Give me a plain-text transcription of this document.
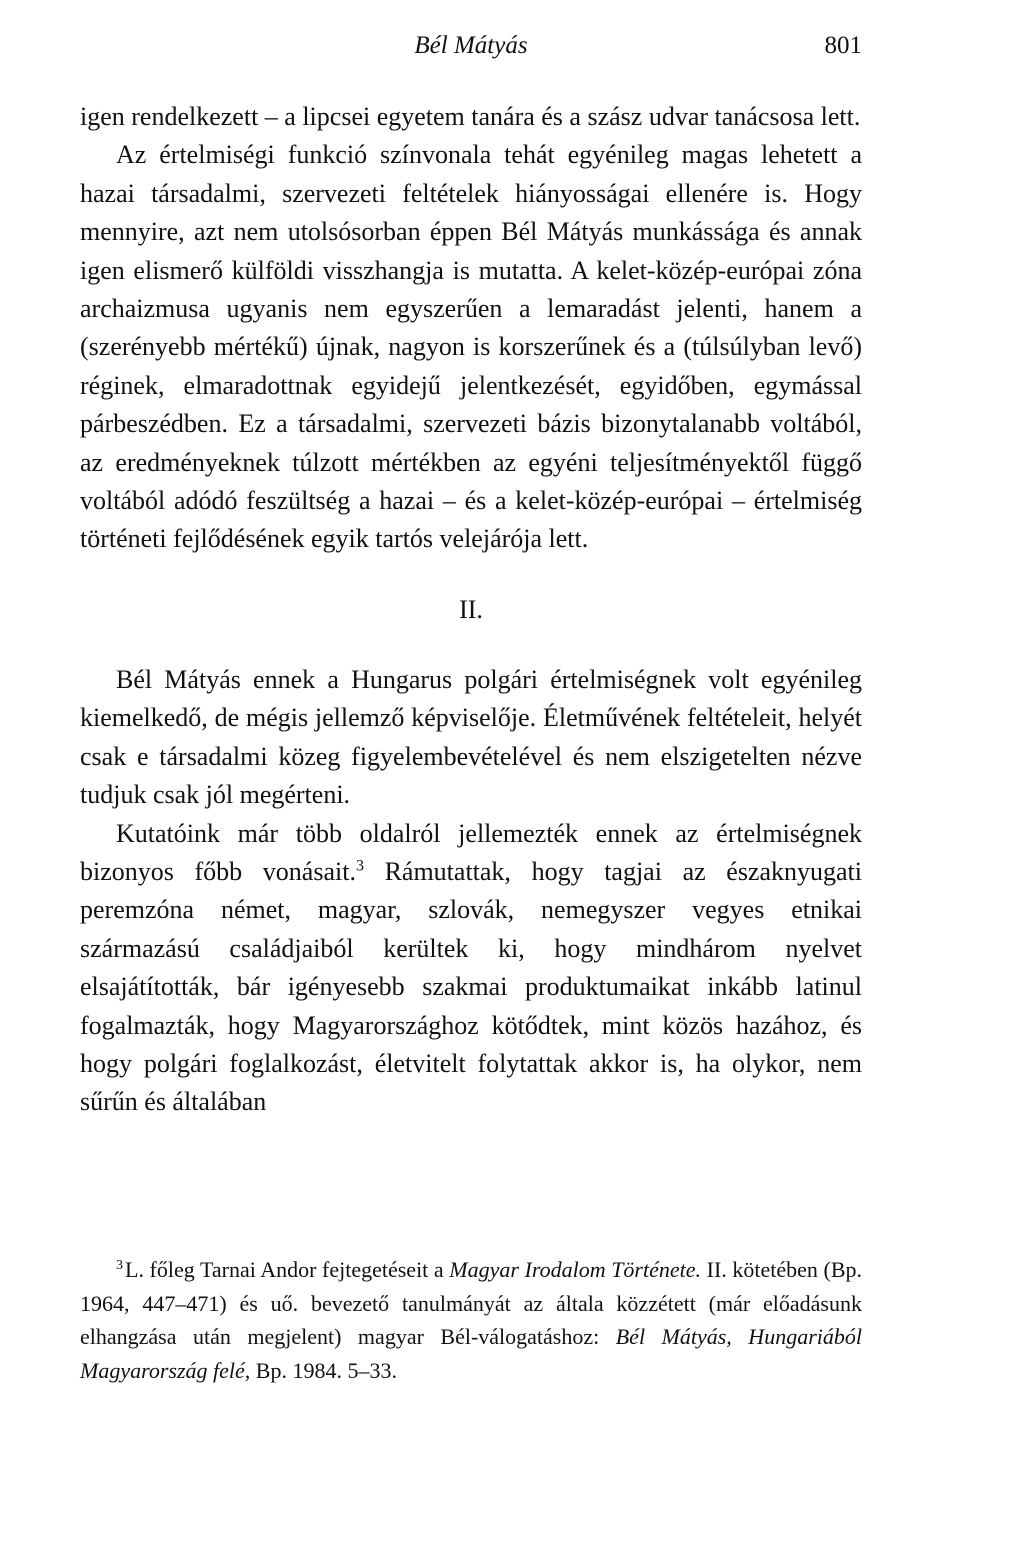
Bél Mátyás	801

igen rendelkezett – a lipcsei egyetem tanára és a szász udvar tanácsosa lett.

Az értelmiségi funkció színvonala tehát egyénileg magas lehetett a hazai társadalmi, szervezeti feltételek hiányosságai ellenére is. Hogy mennyire, azt nem utolsósorban éppen Bél Mátyás munkássága és annak igen elismerő külföldi visszhangja is mutatta. A kelet-közép-európai zóna archaizmusa ugyanis nem egyszerűen a lemaradást jelenti, hanem a (szerényebb mértékű) újnak, nagyon is korszerűnek és a (túlsúlyban levő) réginek, elmaradottnak egyidejű jelentkezését, egyidőben, egymással párbeszédben. Ez a társadalmi, szervezeti bázis bizonytalanabb voltából, az eredményeknek túlzott mértékben az egyéni teljesítményektől függő voltából adódó feszültség a hazai – és a kelet-közép-európai – értelmiség történeti fejlődésének egyik tartós velejárója lett.

II.

Bél Mátyás ennek a Hungarus polgári értelmiségnek volt egyénileg kiemelkedő, de mégis jellemző képviselője. Életművének feltételeit, helyét csak e társadalmi közeg figyelembevételével és nem elszigetelten nézve tudjuk csak jól megérteni.

Kutatóink már több oldalról jellemezték ennek az értelmiségnek bizonyos főbb vonásait.$^3$ Rámutattak, hogy tagjai az északnyugati peremzóna német, magyar, szlovák, nemegyszer vegyes etnikai származású családjaiból kerültek ki, hogy mindhárom nyelvet elsajátították, bár igényesebb szakmai produktumaikat inkább latinul fogalmazták, hogy Magyarországhoz kötődtek, mint közös hazához, és hogy polgári foglalkozást, életvitelt folytattak akkor is, ha olykor, nem sűrűn és általában

$^3$L. főleg Tarnai Andor fejtegetéseit a Magyar Irodalom Története. II. kötetében (Bp. 1964, 447–471) és uő. bevezető tanulmányát az általa közzétett (már előadásunk elhangzása után megjelent) magyar Bél-válogatáshoz: Bél Mátyás, Hungariából Magyarország felé, Bp. 1984. 5–33.
